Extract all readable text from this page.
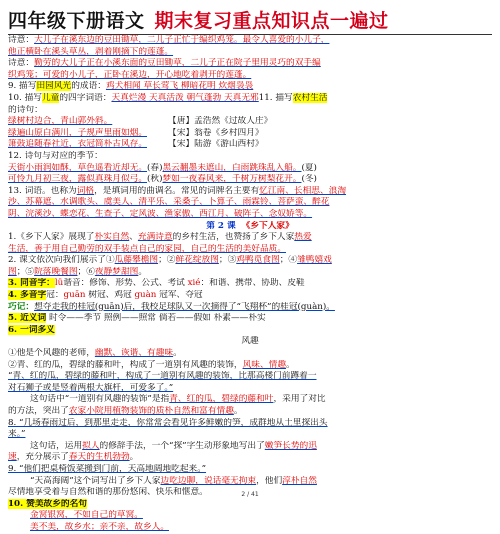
四年级下册语文 期末复习重点知识点一遍过

诗意：大儿子在溪东边的豆田锄草，二儿子正忙于编织鸡笼。最令人喜爱的小儿子，

他正横卧在溪头草丛，剥着刚摘下的莲蓬。

诗意：勤劳的大儿子正在小溪东面的豆田锄草，二儿子正在院子里用灵巧的双手编

织鸡笼；可爱的小儿子，正卧在溪边，开心地吃着剥开的莲蓬。

9. 描写田园风光的成语：鸡犬相闻 草长莺飞 柳暗花明 炊烟袅袅

10. 描写儿童的四字词语：天真烂漫 天真活泼 朝气蓬勃 天真无邪11. 描写农村生活

的诗句：

绿树村边合，青山郭外斜。	【唐】孟浩然《过故人庄》

绿遍山原白满川，子规声里雨如烟。 【宋】翁卷《乡村四月》

箫鼓追随春社近，衣冠简朴古风存。 【宋】陆游《游山西村》

12. 诗句与对应的季节：

天街小雨润如酥，草色遥看近却无。(春)黑云翻墨未遮山，白雨跳珠乱入船。(夏)

可怜九月初三夜，露似真珠月似弓。(秋)梦如一夜春风来，千树万树梨花开。(冬)

13. 词语。也称为词格，是填词用的曲调名。常见的词牌名主要有忆江南、长相思、浪淘

沙、苏幕遮、水调歌头、虞美人、清平乐、采桑子、卜算子、雨霖铃、菩萨蛮、醉花

阴、浣溪沙、蝶恋花、生查子、定风波、渔家傲、西江月、破阵子、念奴娇等。

第 2 课 《乡下人家》

1.《乡下人家》展现了朴实自然、充满诗意的乡村生活，也赞扬了乡下人家热爱

生活，善于用自己勤劳的双手装点自己的家园，自己的生活的美好品质。

2. 课文依次向我们展示了①瓜藤攀檐图；②鲜花绽放图；③鸡鸭觅食图；④雏鸭嬉戏

图；⑤院落晚餐图；⑥夜静梦甜图。

3. 同音字：lǚ谐音：修饰、形势、公式、考试 xié：和谐、携带、协助、皮鞋

4. 多音字冠：guān 树冠、鸡冠 guàn 冠军、夺冠

巧记：想夺走我的桂冠(guān)后，我校足球队又一次摘得了“飞翔杯”的桂冠(guàn)。

5. 近义词 时令——季节 照例——照常 倘若——假如 朴素——朴实

6. 一词多义

风趣

①他是个风趣的老师，幽默、诙谐、有趣味。

②青、红的瓜，碧绿的藤和叶，构成了一道别有风趣的装饰，风味、情趣。

“青、红的瓜，碧绿的藤和叶，构成了一道别有风趣的装饰，比那高楼门前蹲着一

对石狮子或是竖着两根大旗杆，可爱多了。”

这句话中“一道别有风趣的装饰”是指青、红的瓜，碧绿的藤和叶，采用了对比

的方法，突出了农家小院用植物装饰的质朴自然和富有情趣。

8. “几场春雨过后，到那里走走，你常常会看见许多鲜嫩的笋，成群地从土里探出头

来。”

这句话，运用拟人的修辞手法，一个“探”字生动形象地写出了嫩笋长势的迅

速，充分展示了春天的生机勃勃。

9. “他们把桌椅饭菜搬到门前，天高地阔地吃起来。”

“天高海阔”这个词写出了乡下人家边吃边聊，说话毫无拘束，他们淳朴自然

尽情地享受着与自然和谐的那份悠闲、快乐和惬意。

10. 赞美故乡的名句

金窝银窝，不如自己的草窝。

美不美，故乡水；亲不亲，故乡人。

2 / 41
